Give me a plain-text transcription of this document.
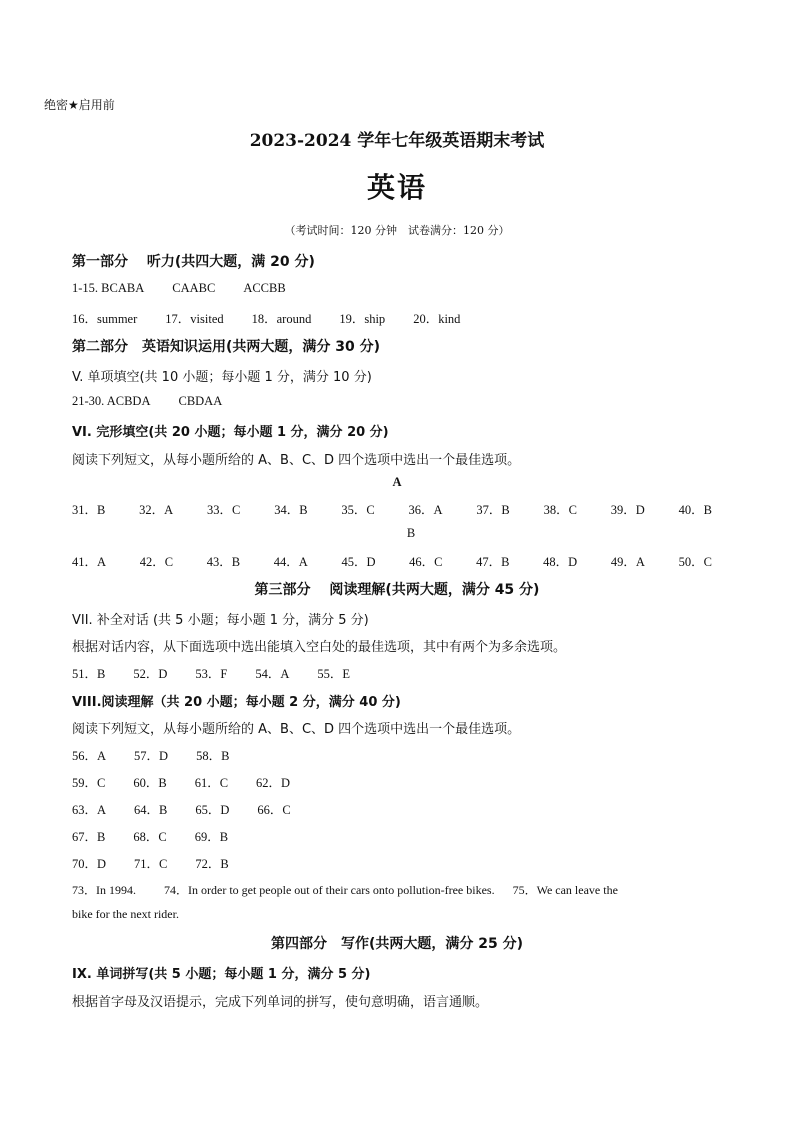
绝密★启用前
2023-2024 学年七年级英语期末考试
英语
（考试时间：120 分钟　试卷满分：120 分）
第一部分　 听力(共四大题，满 20 分)
1-15. BCABA CAABC ACCBB
16．summer 17．visited 18．around 19．ship 20．kind
第二部分　英语知识运用(共两大题，满分 30 分)
V. 单项填空(共 10 小题；每小题 1 分，满分 10 分)
21-30. ACBDA CBDAA
VI. 完形填空(共 20 小题；每小题 1 分，满分 20 分)
阅读下列短文，从每小题所给的 A、B、C、D 四个选项中选出一个最佳选项。
A
31．B	32．A	33．C	34．B	35．C	36．A	37．B	38．C	39．D	40．B
B
41．A	42．C	43．B	44．A	45．D	46．C	47．B	48．D	49．A	50．C
第三部分　 阅读理解(共两大题，满分 45 分)
VII. 补全对话 (共 5 小题；每小题 1 分，满分 5 分)
根据对话内容，从下面选项中选出能填入空白处的最佳选项，其中有两个为多余选项。
51．B 52．D 53．F 54．A 55．E
VIII.阅读理解（共 20 小题；每小题 2 分，满分 40 分)
阅读下列短文，从每小题所给的 A、B、C、D 四个选项中选出一个最佳选项。
56．A 57．D 58．B
59．C 60．B 61．C 62．D
63．A 64．B 65．D 66．C
67．B 68．C 69．B
70．D 71．C 72．B
73．In 1994. 74．In order to get people out of their cars onto pollution-free bikes. 75．We can leave the
bike for the next rider.
第四部分　写作(共两大题，满分 25 分)
IX. 单词拼写(共 5 小题；每小题 1 分，满分 5 分)
根据首字母及汉语提示，完成下列单词的拼写，使句意明确，语言通顺。
